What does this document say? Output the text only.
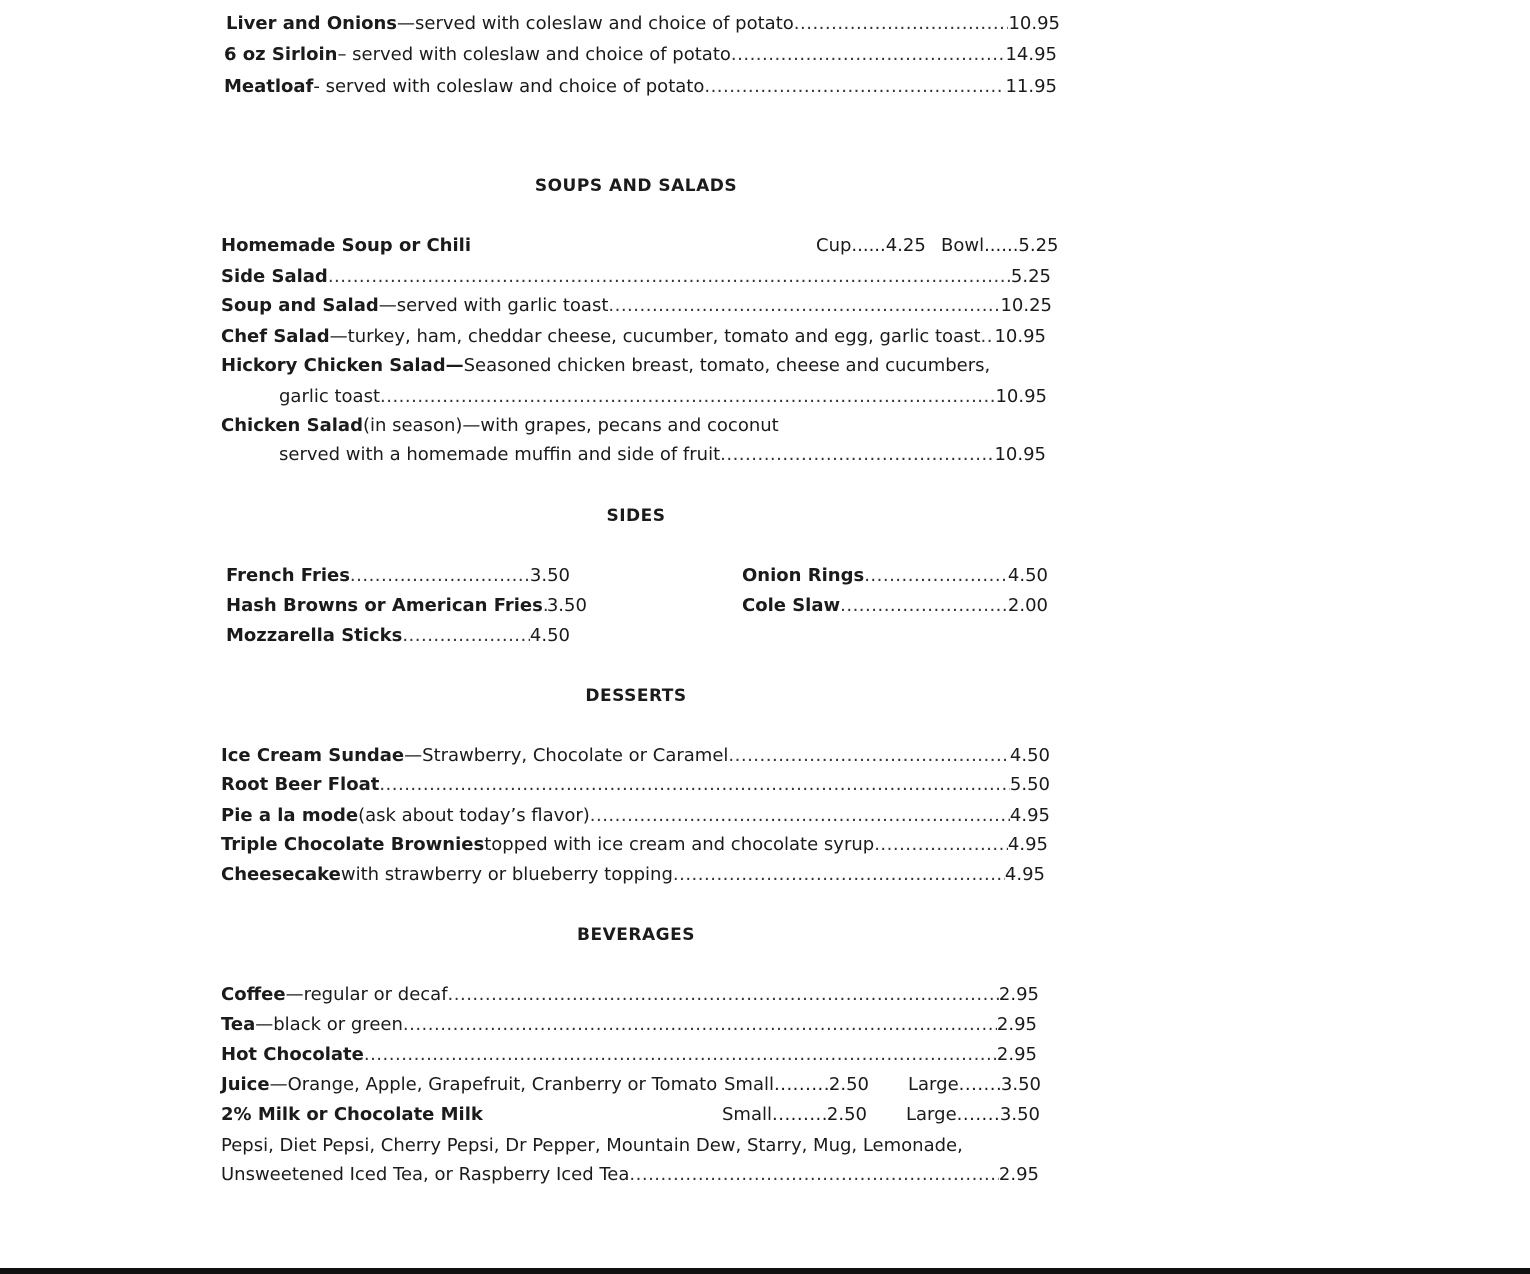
Liver and Onions —served with coleslaw and choice of potato .....	10.95
6 oz Sirloin – served with coleslaw and choice of potato .....	14.95
Meatloaf - served with coleslaw and choice of potato .....	11.95
SOUPS AND SALADS
Homemade Soup or Chili	Cup......4.25 Bowl......5.25
Side Salad .....	5.25
Soup and Salad —served with garlic toast .....	10.25
Chef Salad —turkey, ham, cheddar cheese, cucumber, tomato and egg, garlic toast ..... 10.95
Hickory Chicken Salad— Seasoned chicken breast, tomato, cheese and cucumbers,
garlic toast .....	10.95
Chicken Salad (in season)—with grapes, pecans and coconut
served with a homemade muffin and side of fruit .....	10.95
SIDES
French Fries .....	3.50
Hash Browns or American Fries ..... 3.50
Mozzarella Sticks .....	4.50
Onion Rings .....	4.50
Cole Slaw .....	2.00
DESSERTS
Ice Cream Sundae —Strawberry, Chocolate or Caramel .....	4.50
Root Beer Float .....	5.50
Pie a la mode (ask about today’s flavor) .....	4.95
Triple Chocolate Brownies topped with ice cream and chocolate syrup .....	4.95
Cheesecake with strawberry or blueberry topping .....	4.95
BEVERAGES
Coffee —regular or decaf .....	2.95
Tea —black or green .....	2.95
Hot Chocolate .....	2.95
Juice —Orange, Apple, Grapefruit, Cranberry or Tomato Small .....	2.50 Large ..... 3.50
2% Milk or Chocolate Milk	Small .....	2.50 Large ..... 3.50
Pepsi, Diet Pepsi, Cherry Pepsi, Dr Pepper, Mountain Dew, Starry, Mug, Lemonade,
Unsweetened Iced Tea, or Raspberry Iced Tea .....	2.95
